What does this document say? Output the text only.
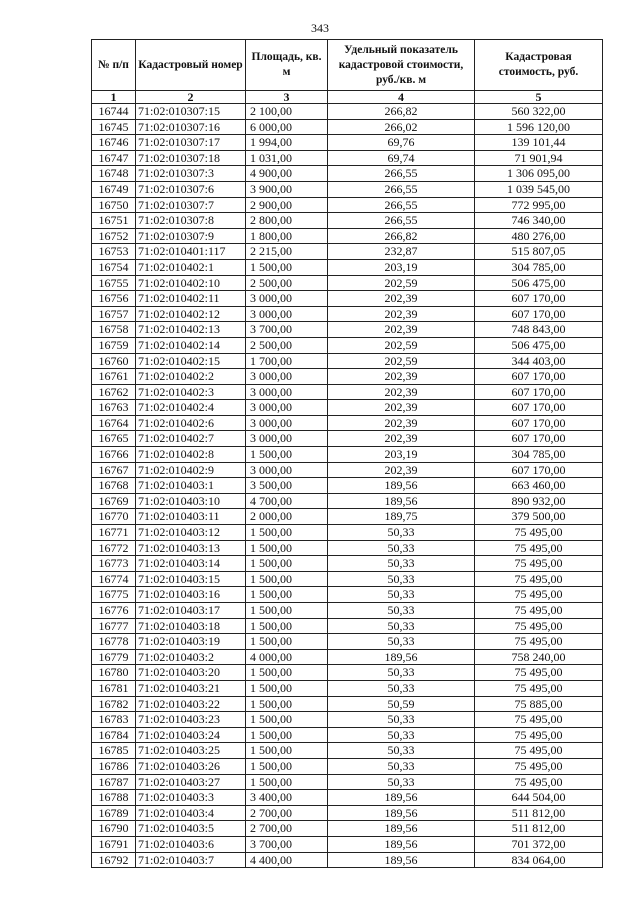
343
№ п/п	Кадастровый номер	Площадь, кв. м	Удельный показатель кадастровой стоимости, руб./кв. м	Кадастровая стоимость, руб.
1	2	3	4	5
16744	71:02:010307:15	2 100,00	266,82	560 322,00
16745	71:02:010307:16	6 000,00	266,02	1 596 120,00
16746	71:02:010307:17	1 994,00	69,76	139 101,44
16747	71:02:010307:18	1 031,00	69,74	71 901,94
16748	71:02:010307:3	4 900,00	266,55	1 306 095,00
16749	71:02:010307:6	3 900,00	266,55	1 039 545,00
16750	71:02:010307:7	2 900,00	266,55	772 995,00
16751	71:02:010307:8	2 800,00	266,55	746 340,00
16752	71:02:010307:9	1 800,00	266,82	480 276,00
16753	71:02:010401:117	2 215,00	232,87	515 807,05
16754	71:02:010402:1	1 500,00	203,19	304 785,00
16755	71:02:010402:10	2 500,00	202,59	506 475,00
16756	71:02:010402:11	3 000,00	202,39	607 170,00
16757	71:02:010402:12	3 000,00	202,39	607 170,00
16758	71:02:010402:13	3 700,00	202,39	748 843,00
16759	71:02:010402:14	2 500,00	202,59	506 475,00
16760	71:02:010402:15	1 700,00	202,59	344 403,00
16761	71:02:010402:2	3 000,00	202,39	607 170,00
16762	71:02:010402:3	3 000,00	202,39	607 170,00
16763	71:02:010402:4	3 000,00	202,39	607 170,00
16764	71:02:010402:6	3 000,00	202,39	607 170,00
16765	71:02:010402:7	3 000,00	202,39	607 170,00
16766	71:02:010402:8	1 500,00	203,19	304 785,00
16767	71:02:010402:9	3 000,00	202,39	607 170,00
16768	71:02:010403:1	3 500,00	189,56	663 460,00
16769	71:02:010403:10	4 700,00	189,56	890 932,00
16770	71:02:010403:11	2 000,00	189,75	379 500,00
16771	71:02:010403:12	1 500,00	50,33	75 495,00
16772	71:02:010403:13	1 500,00	50,33	75 495,00
16773	71:02:010403:14	1 500,00	50,33	75 495,00
16774	71:02:010403:15	1 500,00	50,33	75 495,00
16775	71:02:010403:16	1 500,00	50,33	75 495,00
16776	71:02:010403:17	1 500,00	50,33	75 495,00
16777	71:02:010403:18	1 500,00	50,33	75 495,00
16778	71:02:010403:19	1 500,00	50,33	75 495,00
16779	71:02:010403:2	4 000,00	189,56	758 240,00
16780	71:02:010403:20	1 500,00	50,33	75 495,00
16781	71:02:010403:21	1 500,00	50,33	75 495,00
16782	71:02:010403:22	1 500,00	50,59	75 885,00
16783	71:02:010403:23	1 500,00	50,33	75 495,00
16784	71:02:010403:24	1 500,00	50,33	75 495,00
16785	71:02:010403:25	1 500,00	50,33	75 495,00
16786	71:02:010403:26	1 500,00	50,33	75 495,00
16787	71:02:010403:27	1 500,00	50,33	75 495,00
16788	71:02:010403:3	3 400,00	189,56	644 504,00
16789	71:02:010403:4	2 700,00	189,56	511 812,00
16790	71:02:010403:5	2 700,00	189,56	511 812,00
16791	71:02:010403:6	3 700,00	189,56	701 372,00
16792	71:02:010403:7	4 400,00	189,56	834 064,00
